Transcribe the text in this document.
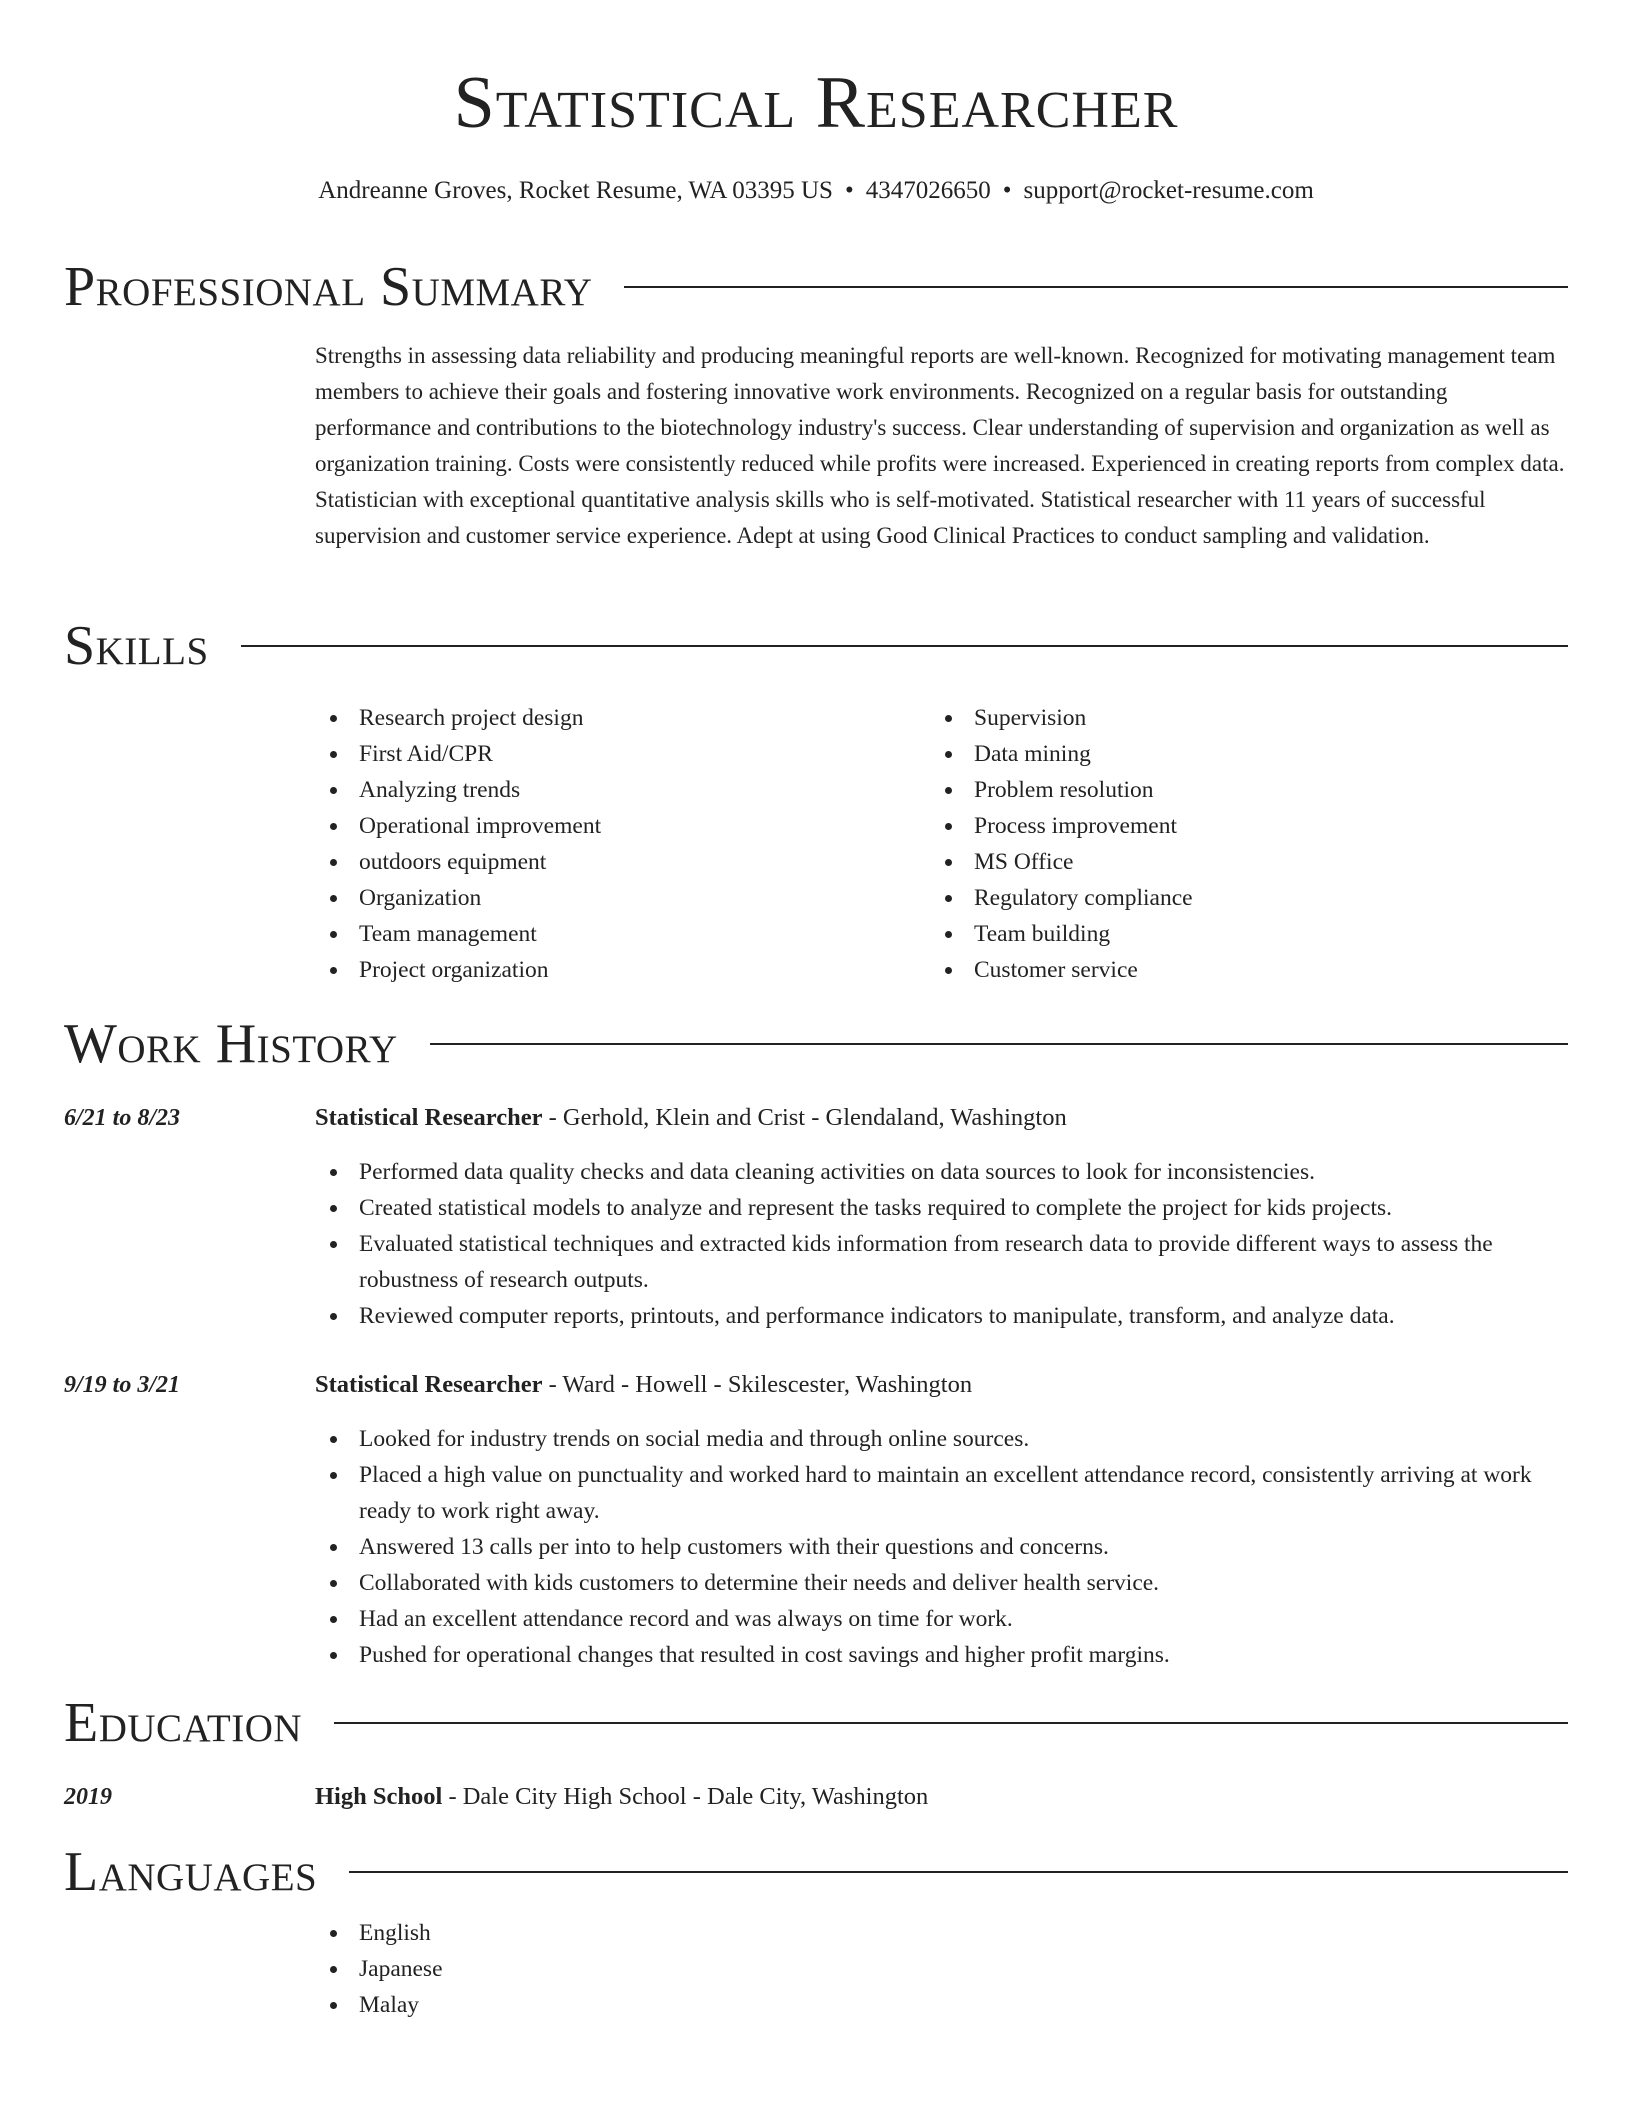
Statistical Researcher
Andreanne Groves, Rocket Resume, WA 03395 US • 4347026650 • support@rocket-resume.com
Professional Summary

Strengths in assessing data reliability and producing meaningful reports are well-known. Recognized for motivating management team members to achieve their goals and fostering innovative work environments. Recognized on a regular basis for outstanding performance and contributions to the biotechnology industry's success. Clear understanding of supervision and organization as well as organization training. Costs were consistently reduced while profits were increased. Experienced in creating reports from complex data. Statistician with exceptional quantitative analysis skills who is self-motivated. Statistical researcher with 11 years of successful supervision and customer service experience. Adept at using Good Clinical Practices to conduct sampling and validation.

Skills
Research project design
First Aid/CPR
Analyzing trends
Operational improvement
outdoors equipment
Organization
Team management
Project organization
Supervision
Data mining
Problem resolution
Process improvement
MS Office
Regulatory compliance
Team building
Customer service
Work History
6/21 to 8/23	Statistical Researcher - Gerhold, Klein and Crist - Glendaland, Washington
Performed data quality checks and data cleaning activities on data sources to look for inconsistencies.
Created statistical models to analyze and represent the tasks required to complete the project for kids projects.
Evaluated statistical techniques and extracted kids information from research data to provide different ways to assess the robustness of research outputs.
Reviewed computer reports, printouts, and performance indicators to manipulate, transform, and analyze data.
9/19 to 3/21	Statistical Researcher - Ward - Howell - Skilescester, Washington
Looked for industry trends on social media and through online sources.
Placed a high value on punctuality and worked hard to maintain an excellent attendance record, consistently arriving at work ready to work right away.
Answered 13 calls per into to help customers with their questions and concerns.
Collaborated with kids customers to determine their needs and deliver health service.
Had an excellent attendance record and was always on time for work.
Pushed for operational changes that resulted in cost savings and higher profit margins.
Education
2019	High School - Dale City High School - Dale City, Washington
Languages
English
Japanese
Malay
